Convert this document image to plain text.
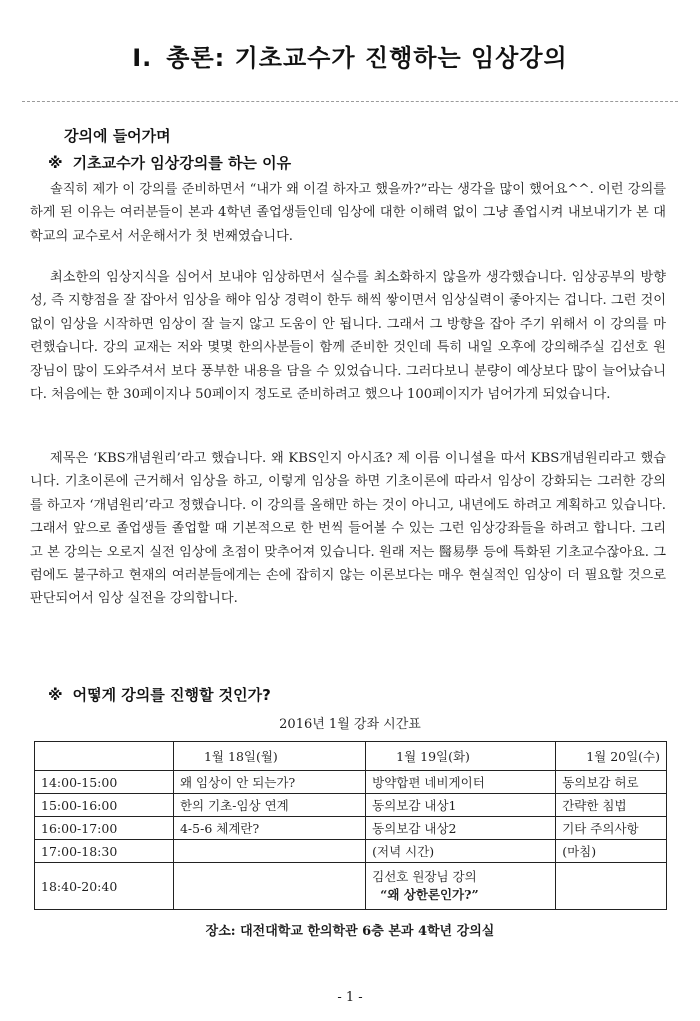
Ⅰ. 총론: 기초교수가 진행하는 임상강의
강의에 들어가며
※ 기초교수가 임상강의를 하는 이유

솔직히 제가 이 강의를 준비하면서 “내가 왜 이걸 하자고 했을까?”라는 생각을 많이 했어요^^. 이런 강의를 하게 된 이유는 여러분들이 본과 4학년 졸업생들인데 임상에 대한 이해력 없이 그냥 졸업시켜 내보내기가 본 대학교의 교수로서 서운해서가 첫 번째였습니다.

최소한의 임상지식을 심어서 보내야 임상하면서 실수를 최소화하지 않을까 생각했습니다. 임상공부의 방향성, 즉 지향점을 잘 잡아서 임상을 해야 임상 경력이 한두 해씩 쌓이면서 임상실력이 좋아지는 겁니다. 그런 것이 없이 임상을 시작하면 임상이 잘 늘지 않고 도움이 안 됩니다. 그래서 그 방향을 잡아 주기 위해서 이 강의를 마련했습니다. 강의 교재는 저와 몇몇 한의사분들이 함께 준비한 것인데 특히 내일 오후에 강의해주실 김선호 원장님이 많이 도와주셔서 보다 풍부한 내용을 담을 수 있었습니다. 그러다보니 분량이 예상보다 많이 늘어났습니다. 처음에는 한 30페이지나 50페이지 정도로 준비하려고 했으나 100페이지가 넘어가게 되었습니다.

제목은 ‘KBS개념원리’라고 했습니다. 왜 KBS인지 아시죠? 제 이름 이니셜을 따서 KBS개념원리라고 했습니다. 기초이론에 근거해서 임상을 하고, 이렇게 임상을 하면 기초이론에 따라서 임상이 강화되는 그러한 강의를 하고자 ‘개념원리’라고 정했습니다. 이 강의를 올해만 하는 것이 아니고, 내년에도 하려고 계획하고 있습니다. 그래서 앞으로 졸업생들 졸업할 때 기본적으로 한 번씩 들어볼 수 있는 그런 임상강좌들을 하려고 합니다. 그리고 본 강의는 오로지 실전 임상에 초점이 맞추어져 있습니다. 원래 저는 醫易學 등에 특화된 기초교수잖아요. 그럼에도 불구하고 현재의 여러분들에게는 손에 잡히지 않는 이론보다는 매우 현실적인 임상이 더 필요할 것으로 판단되어서 임상 실전을 강의합니다.

※ 어떻게 강의를 진행할 것인가?
2016년 1월 강좌 시간표
	1월 18일(월)	1월 19일(화)	1월 20일(수)
14:00-15:00	왜 임상이 안 되는가?	방약합편 네비게이터	동의보감 허로
15:00-16:00	한의 기초-임상 연계	동의보감 내상1	간략한 침법
16:00-17:00	4-5-6 체계란?	동의보감 내상2	기타 주의사항
17:00-18:30		(저녁 시간)	(마침)
18:40-20:40		김선호 원장님 강의
“왜 상한론인가?”	

장소: 대전대학교 한의학관 6층 본과 4학년 강의실
- 1 -
